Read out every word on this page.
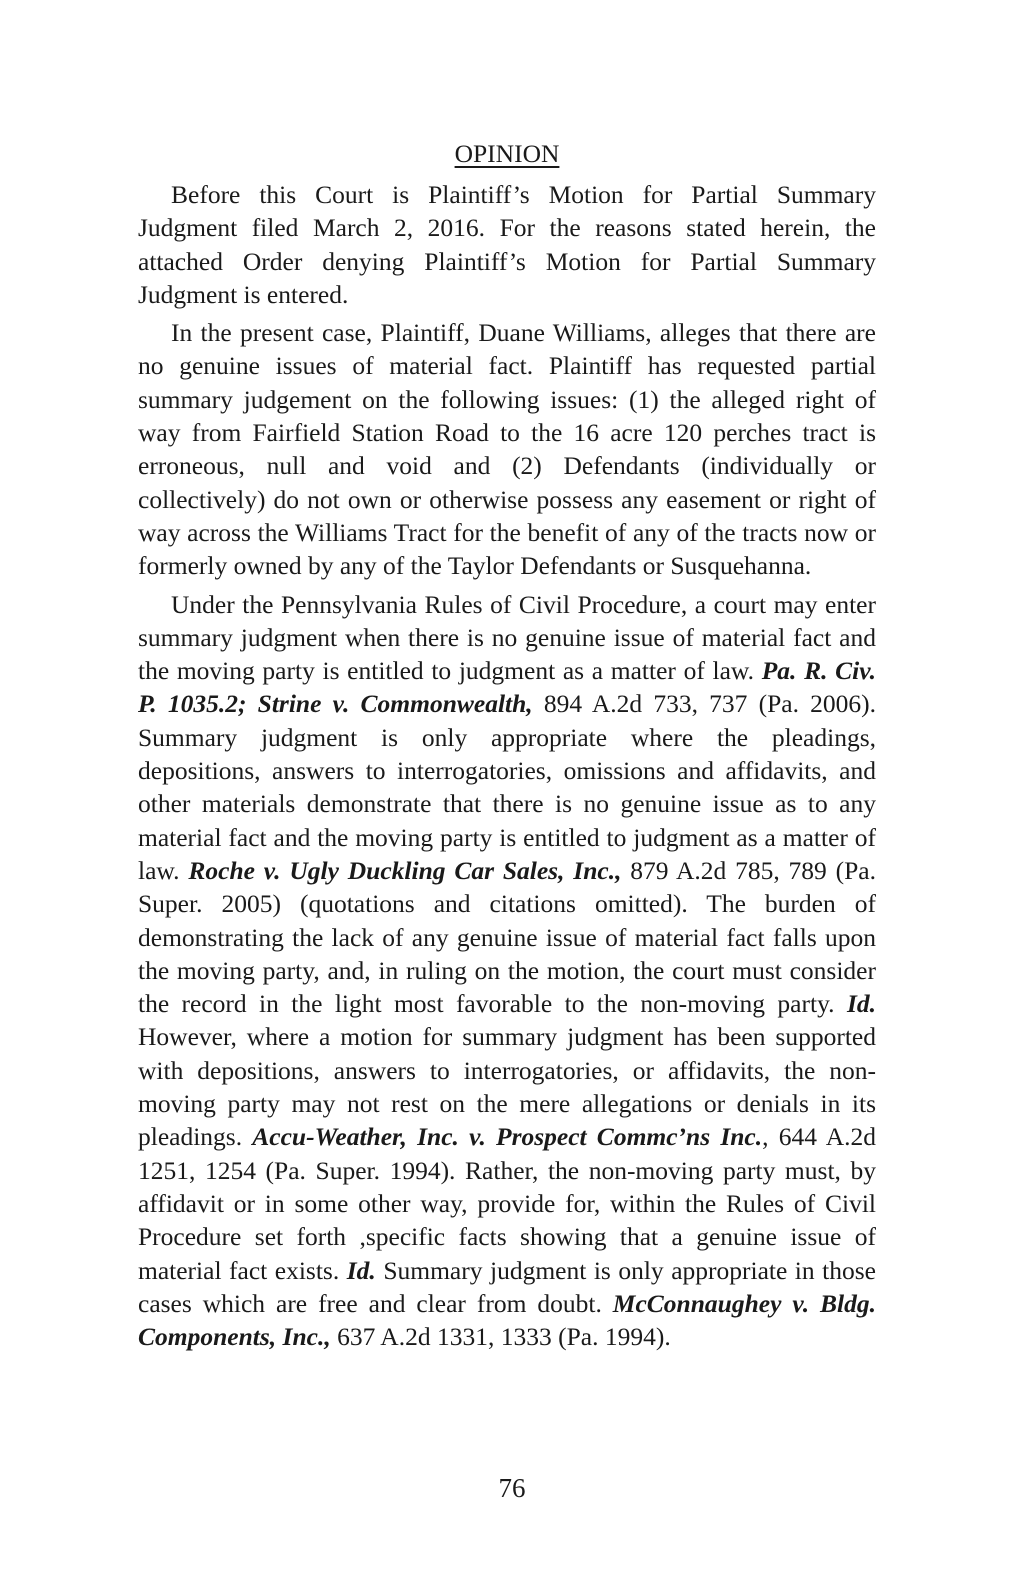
OPINION

Before this Court is Plaintiff’s Motion for Partial Summary Judgment filed March 2, 2016. For the reasons stated herein, the attached Order denying Plaintiff’s Motion for Partial Summary Judgment is entered.

In the present case, Plaintiff, Duane Williams, alleges that there are no genuine issues of material fact. Plaintiff has requested partial summary judgement on the following issues: (1) the alleged right of way from Fairfield Station Road to the 16 acre 120 perches tract is erroneous, null and void and (2) Defendants (individually or collectively) do not own or otherwise possess any easement or right of way across the Williams Tract for the benefit of any of the tracts now or formerly owned by any of the Taylor Defendants or Susquehanna.

Under the Pennsylvania Rules of Civil Procedure, a court may enter summary judgment when there is no genuine issue of material fact and the moving party is entitled to judgment as a matter of law. Pa. R. Civ. P. 1035.2; Strine v. Commonwealth, 894 A.2d 733, 737 (Pa. 2006). Summary judgment is only appropriate where the pleadings, depositions, answers to interrogatories, omissions and affidavits, and other materials demonstrate that there is no genuine issue as to any material fact and the moving party is entitled to judgment as a matter of law. Roche v. Ugly Duckling Car Sales, Inc., 879 A.2d 785, 789 (Pa. Super. 2005) (quotations and citations omitted). The burden of demonstrating the lack of any genuine issue of material fact falls upon the moving party, and, in ruling on the motion, the court must consider the record in the light most favorable to the non-moving party. Id. However, where a motion for summary judgment has been supported with depositions, answers to interrogatories, or affidavits, the non-moving party may not rest on the mere allegations or denials in its pleadings. Accu-Weather, Inc. v. Prospect Commc’ns Inc., 644 A.2d 1251, 1254 (Pa. Super. 1994). Rather, the non-moving party must, by affidavit or in some other way, provide for, within the Rules of Civil Procedure set forth ,specific facts showing that a genuine issue of material fact exists. Id. Summary judgment is only appropriate in those cases which are free and clear from doubt. McConnaughey v. Bldg. Components, Inc., 637 A.2d 1331, 1333 (Pa. 1994).

76
